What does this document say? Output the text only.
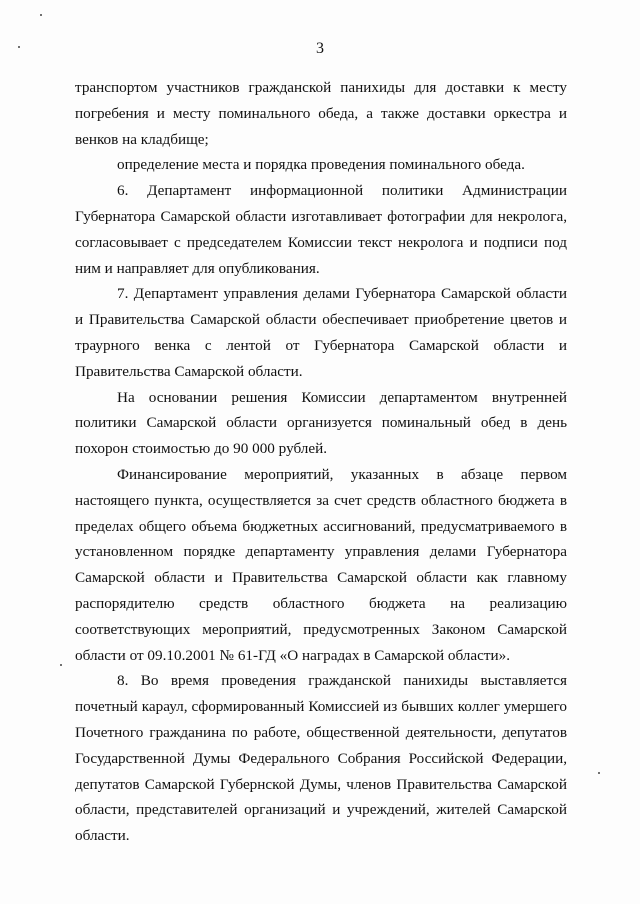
3

транспортом участников гражданской панихиды для доставки к месту погребения и месту поминального обеда, а также доставки оркестра и венков на кладбище;

определение места и порядка проведения поминального обеда.

6. Департамент информационной политики Администрации Губернатора Самарской области изготавливает фотографии для некролога, согласовывает с председателем Комиссии текст некролога и подписи под ним и направляет для опубликования.

7. Департамент управления делами Губернатора Самарской области и Правительства Самарской области обеспечивает приобретение цветов и траурного венка с лентой от Губернатора Самарской области и Правительства Самарской области.

На основании решения Комиссии департаментом внутренней политики Самарской области организуется поминальный обед в день похорон стоимостью до 90 000 рублей.

Финансирование мероприятий, указанных в абзаце первом настоящего пункта, осуществляется за счет средств областного бюджета в пределах общего объема бюджетных ассигнований, предусматриваемого в установленном порядке департаменту управления делами Губернатора Самарской области и Правительства Самарской области как главному распорядителю средств областного бюджета на реализацию соответствующих мероприятий, предусмотренных Законом Самарской области от 09.10.2001 № 61-ГД «О наградах в Самарской области».

8. Во время проведения гражданской панихиды выставляется почетный караул, сформированный Комиссией из бывших коллег умершего Почетного гражданина по работе, общественной деятельности, депутатов Государственной Думы Федерального Собрания Российской Федерации, депутатов Самарской Губернской Думы, членов Правительства Самарской области, представителей организаций и учреждений, жителей Самарской области.
